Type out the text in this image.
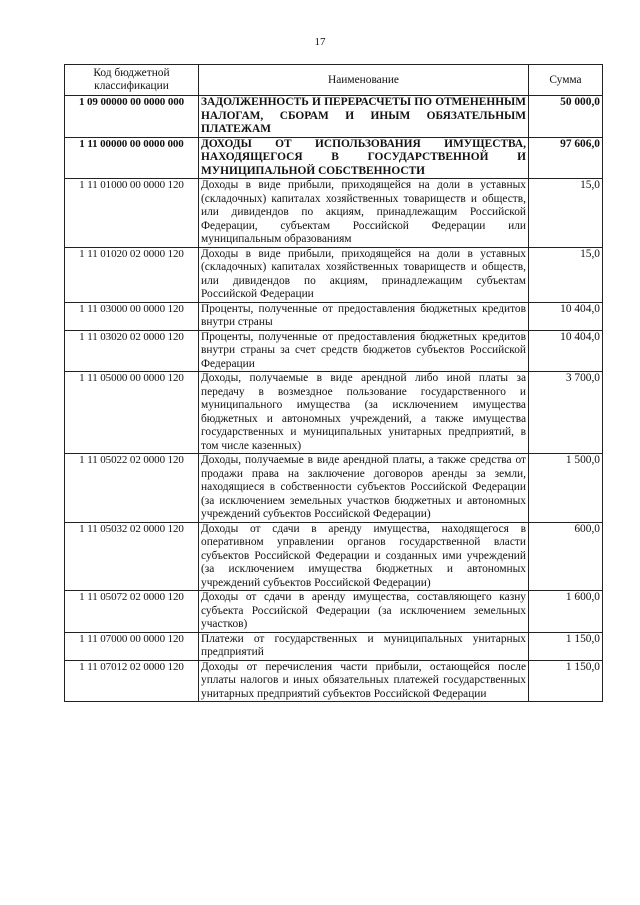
17
Код бюджетной классификации	Наименование	Сумма
1 09 00000 00 0000 000	ЗАДОЛЖЕННОСТЬ И ПЕРЕРАСЧЕТЫ ПО ОТМЕНЕННЫМ НАЛОГАМ, СБОРАМ И ИНЫМ ОБЯЗАТЕЛЬНЫМ ПЛАТЕЖАМ	50 000,0
1 11 00000 00 0000 000	ДОХОДЫ ОТ ИСПОЛЬЗОВАНИЯ ИМУЩЕСТВА, НАХОДЯЩЕГОСЯ В ГОСУДАРСТВЕННОЙ И МУНИЦИПАЛЬНОЙ СОБСТВЕННОСТИ	97 606,0
1 11 01000 00 0000 120	Доходы в виде прибыли, приходящейся на доли в уставных (складочных) капиталах хозяйственных товариществ и обществ, или дивидендов по акциям, принадлежащим Российской Федерации, субъектам Российской Федерации или муниципальным образованиям	15,0
1 11 01020 02 0000 120	Доходы в виде прибыли, приходящейся на доли в уставных (складочных) капиталах хозяйственных товариществ и обществ, или дивидендов по акциям, принадлежащим субъектам Российской Федерации	15,0
1 11 03000 00 0000 120	Проценты, полученные от предоставления бюджетных кредитов внутри страны	10 404,0
1 11 03020 02 0000 120	Проценты, полученные от предоставления бюджетных кредитов внутри страны за счет средств бюджетов субъектов Российской Федерации	10 404,0
1 11 05000 00 0000 120	Доходы, получаемые в виде арендной либо иной платы за передачу в возмездное пользование государственного и муниципального имущества (за исключением имущества бюджетных и автономных учреждений, а также имущества государственных и муниципальных унитарных предприятий, в том числе казенных)	3 700,0
1 11 05022 02 0000 120	Доходы, получаемые в виде арендной платы, а также средства от продажи права на заключение договоров аренды за земли, находящиеся в собственности субъектов Российской Федерации (за исключением земельных участков бюджетных и автономных учреждений субъектов Российской Федерации)	1 500,0
1 11 05032 02 0000 120	Доходы от сдачи в аренду имущества, находящегося в оперативном управлении органов государственной власти субъектов Российской Федерации и созданных ими учреждений (за исключением имущества бюджетных и автономных учреждений субъектов Российской Федерации)	600,0
1 11 05072 02 0000 120	Доходы от сдачи в аренду имущества, составляющего казну субъекта Российской Федерации (за исключением земельных участков)	1 600,0
1 11 07000 00 0000 120	Платежи от государственных и муниципальных унитарных предприятий	1 150,0
1 11 07012 02 0000 120	Доходы от перечисления части прибыли, остающейся после уплаты налогов и иных обязательных платежей государственных унитарных предприятий субъектов Российской Федерации	1 150,0
